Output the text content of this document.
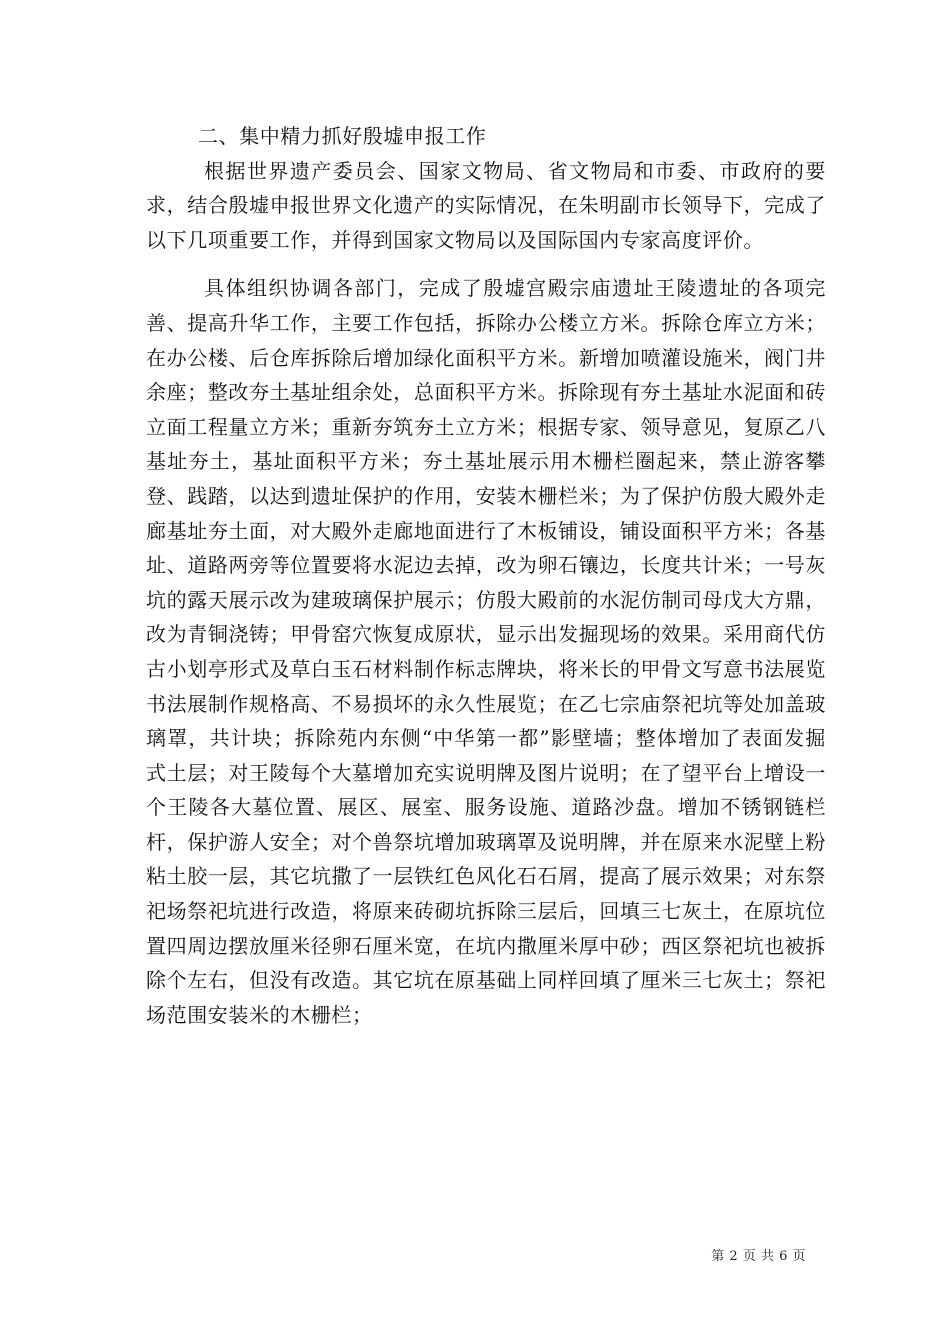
二、集中精力抓好殷墟申报工作

根据世界遗产委员会、国家文物局、省文物局和市委、市政府的要求，结合殷墟申报世界文化遗产的实际情况，在朱明副市长领导下，完成了以下几项重要工作，并得到国家文物局以及国际国内专家高度评价。

具体组织协调各部门，完成了殷墟宫殿宗庙遗址王陵遗址的各项完善、提高升华工作，主要工作包括，拆除办公楼立方米。拆除仓库立方米；在办公楼、后仓库拆除后增加绿化面积平方米。新增加喷灌设施米，阀门井余座；整改夯土基址组余处，总面积平方米。拆除现有夯土基址水泥面和砖立面工程量立方米；重新夯筑夯土立方米；根据专家、领导意见，复原乙八基址夯土，基址面积平方米；夯土基址展示用木栅栏圈起来，禁止游客攀登、践踏，以达到遗址保护的作用，安装木栅栏米；为了保护仿殷大殿外走廊基址夯土面，对大殿外走廊地面进行了木板铺设，铺设面积平方米；各基址、道路两旁等位置要将水泥边去掉，改为卵石镶边，长度共计米；一号灰坑的露天展示改为建玻璃保护展示；仿殷大殿前的水泥仿制司母戊大方鼎，改为青铜浇铸；甲骨窑穴恢复成原状，显示出发掘现场的效果。采用商代仿古小划亭形式及草白玉石材料制作标志牌块，将米长的甲骨文写意书法展览书法展制作规格高、不易损坏的永久性展览；在乙七宗庙祭祀坑等处加盖玻璃罩，共计块；拆除苑内东侧“中华第一都”影壁墙；整体增加了表面发掘式土层；对王陵每个大墓增加充实说明牌及图片说明；在了望平台上增设一个王陵各大墓位置、展区、展室、服务设施、道路沙盘。增加不锈钢链栏杆，保护游人安全；对个兽祭坑增加玻璃罩及说明牌，并在原来水泥壁上粉粘土胶一层，其它坑撒了一层铁红色风化石石屑，提高了展示效果；对东祭祀场祭祀坑进行改造，将原来砖砌坑拆除三层后，回填三七灰土，在原坑位置四周边摆放厘米径卵石厘米宽，在坑内撒厘米厚中砂；西区祭祀坑也被拆除个左右，但没有改造。其它坑在原基础上同样回填了厘米三七灰土；祭祀场范围安装米的木栅栏；

第 2 页 共 6 页
